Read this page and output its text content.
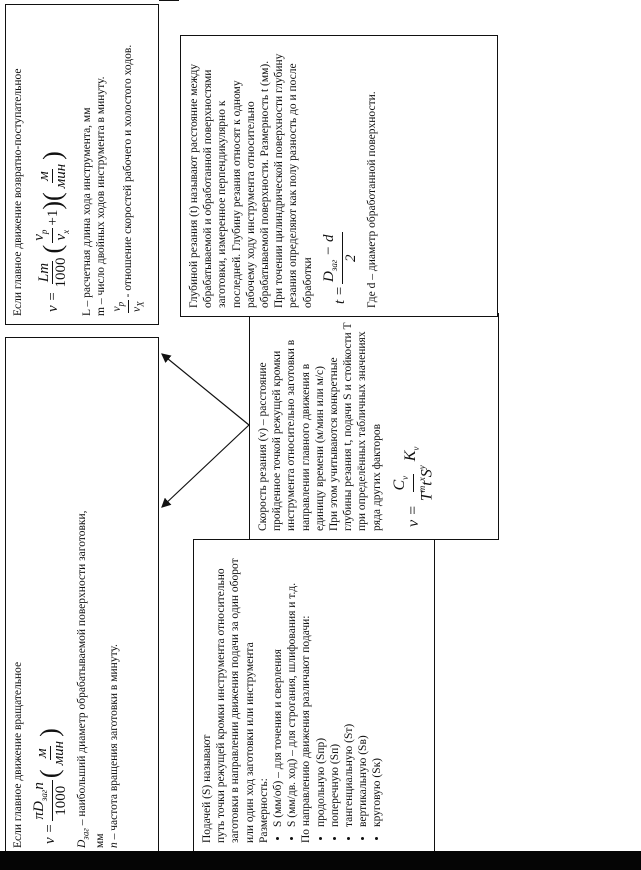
Если главное движение вращательное v =
$\pi D_{заг}n$ 1000
(
м мин
)

$D_{заг}$ – наибольший диаметр обрабатываемой поверхности заготовки,

мм n – частота вращения заготовки в минуту.

Если главное движение возвратно-поступательное v =
Lm 1000
(
$v_p$
$v_x$
+1
)(
м мин
) L – расчетная длина хода инструмента, мм m – число двойных ходов инструмента в минуту. $v_p$
$v_X$
- отношение скоростей рабочего и холостого ходов.

Подачей (S) называют путь точки режущей кромки инструмента относительно заготовки в направлении движения подачи за один оборот или один ход заготовки или инструмента Размерность: • S (мм/об) – для точения и сверления • S (мм/дв. ход) – для строгания, шлифования и т.д. По направлению движения различают подачи: • продольную (Sпр) • поперечную (Sп) • тангенциальную (Sт) • вертикальную (Sв) • круговую (Sк)

Скорость резания (v) – расстояние пройденное точкой режущей кромки инструмента относительно заготовки в направлении главного движения в единицу времени (м/мин или м/с) При этом учитываются конкретные глубины резания t, подачи S и стойкости T при определённых табличных значениях ряда других факторов v =
$C_v$
$T^mt^xS^y$
$K_v$

Глубиной резания (t) называют расстояние между обрабатываемой и обработанной поверхностями заготовки, измеренное перпендикулярно к последней. Глубину резания относят к одному рабочему ходу инструмента относительно обрабатываемой поверхности. Размерность t (мм). При точении цилиндрической поверхности глубину резания определяют как полу разность до и после обработки t =
$D_{заг} - d$ 2 Где d – диаметр обработанной поверхности.
